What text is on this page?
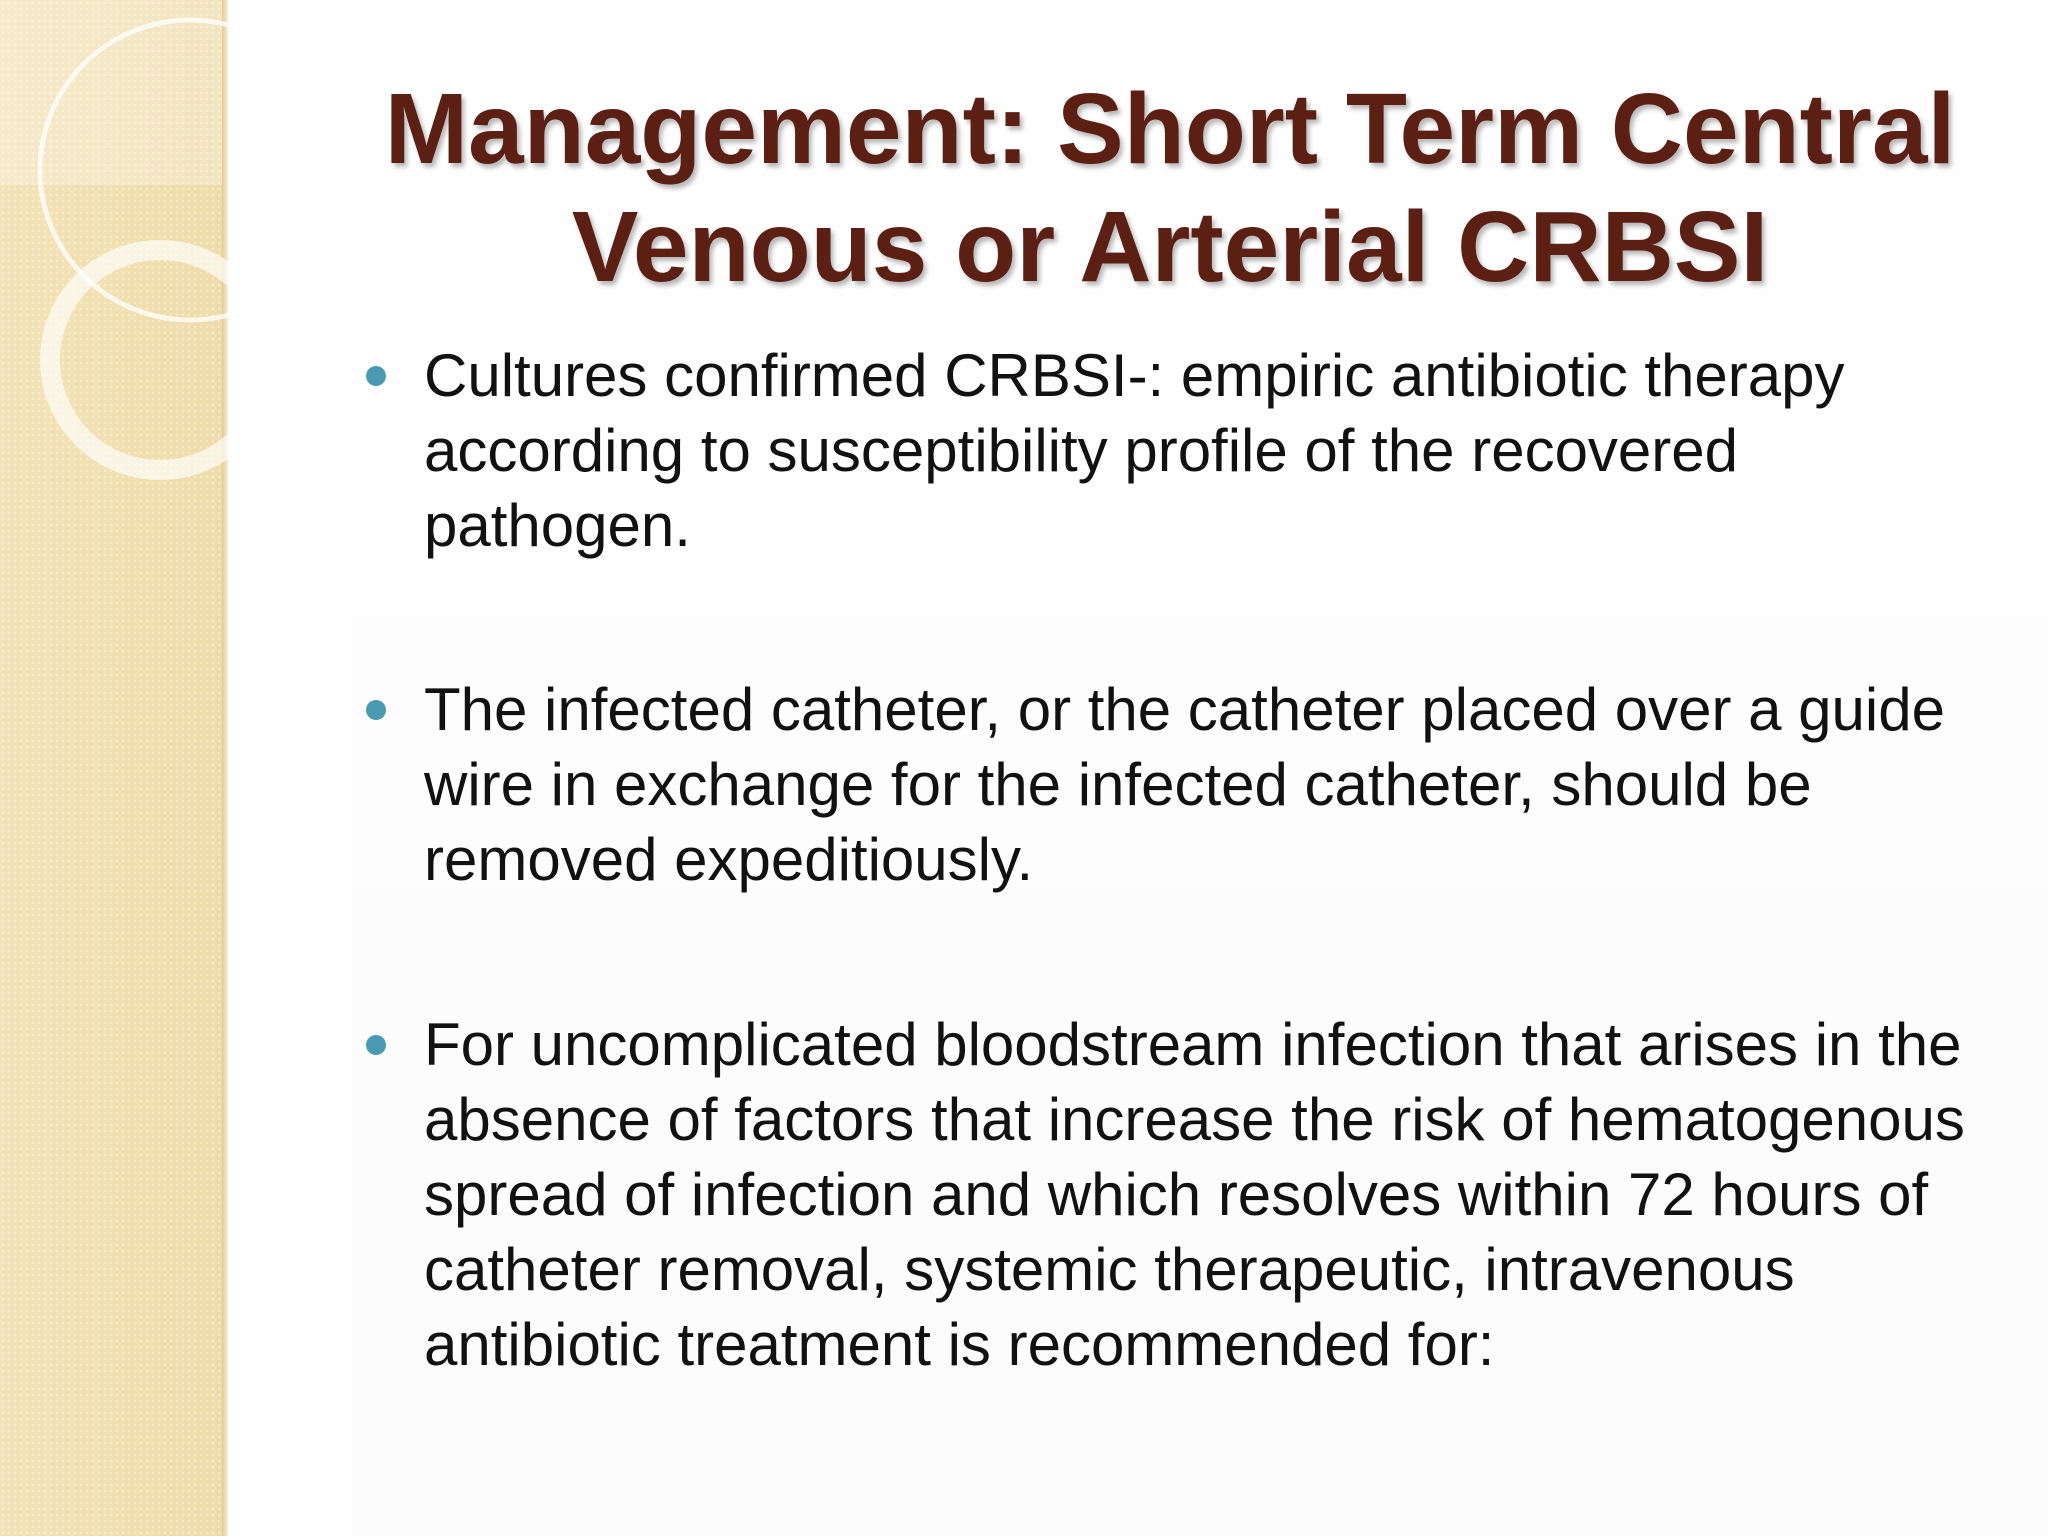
Management: Short Term Central Venous or Arterial CRBSI
Cultures confirmed CRBSI-: empiric antibiotic therapy according to susceptibility profile of the recovered pathogen.
The infected catheter, or the catheter placed over a guide wire in exchange for the infected catheter, should be removed expeditiously.
For uncomplicated bloodstream infection that arises in the absence of factors that increase the risk of hematogenous spread of infection and which resolves within 72 hours of catheter removal, systemic therapeutic, intravenous antibiotic treatment is recommended for:
